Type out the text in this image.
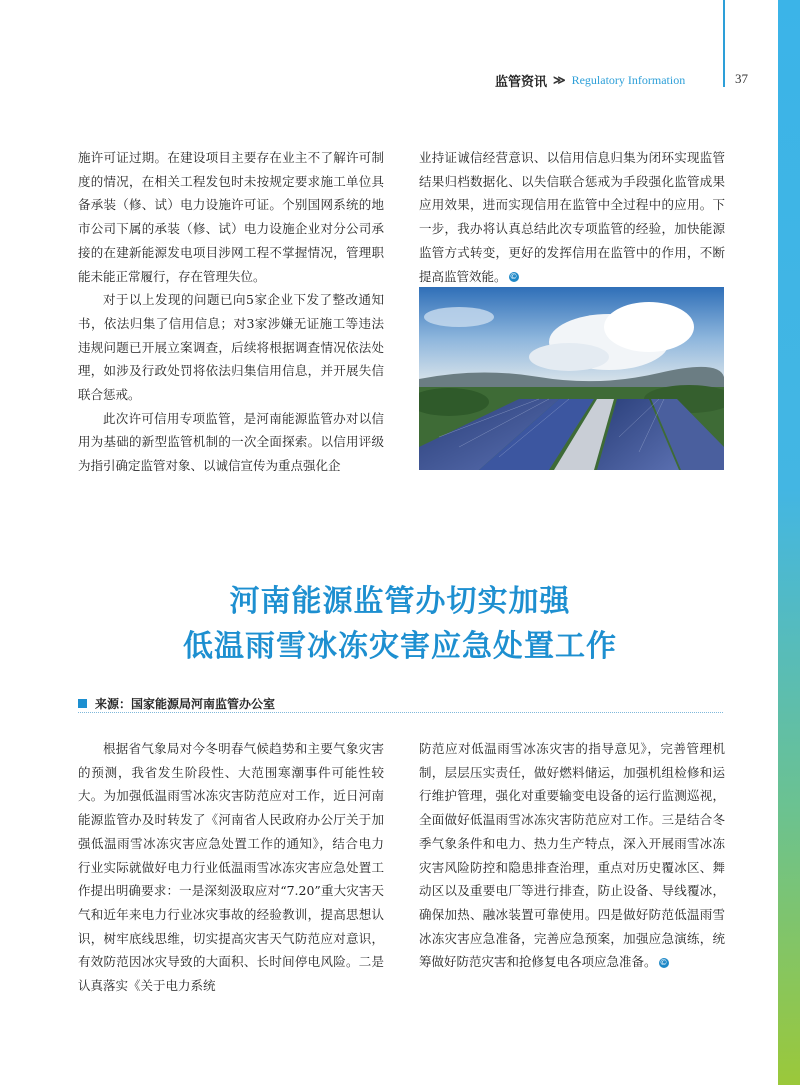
监管资讯 ≫ Regulatory Information	37

施许可证过期。在建设项目主要存在业主不了解许可制度的情况，在相关工程发包时未按规定要求施工单位具备承装（修、试）电力设施许可证。个别国网系统的地市公司下属的承装（修、试）电力设施企业对分公司承接的在建新能源发电项目涉网工程不掌握情况，管理职能未能正常履行，存在管理失位。

对于以上发现的问题已向5家企业下发了整改通知书，依法归集了信用信息；对3家涉嫌无证施工等违法违规问题已开展立案调查，后续将根据调查情况依法处理，如涉及行政处罚将依法归集信用信息，并开展失信联合惩戒。

此次许可信用专项监管，是河南能源监管办对以信用为基础的新型监管机制的一次全面探索。以信用评级为指引确定监管对象、以诚信宣传为重点强化企

业持证诚信经营意识、以信用信息归集为闭环实现监管结果归档数据化、以失信联合惩戒为手段强化监管成果应用效果，进而实现信用在监管中全过程中的应用。下一步，我办将认真总结此次专项监管的经验，加快能源监管方式转变，更好的发挥信用在监管中的作用，不断提高监管效能。 ©

河南能源监管办切实加强
低温雨雪冰冻灾害应急处置工作
来源：国家能源局河南监管办公室

根据省气象局对今冬明春气候趋势和主要气象灾害的预测，我省发生阶段性、大范围寒潮事件可能性较大。为加强低温雨雪冰冻灾害防范应对工作，近日河南能源监管办及时转发了《河南省人民政府办公厅关于加强低温雨雪冰冻灾害应急处置工作的通知》，结合电力行业实际就做好电力行业低温雨雪冰冻灾害应急处置工作提出明确要求：一是深刻汲取应对“7.20”重大灾害天气和近年来电力行业冰灾事故的经验教训，提高思想认识，树牢底线思维，切实提高灾害天气防范应对意识，有效防范因冰灾导致的大面积、长时间停电风险。二是认真落实《关于电力系统

防范应对低温雨雪冰冻灾害的指导意见》，完善管理机制，层层压实责任，做好燃料储运，加强机组检修和运行维护管理，强化对重要输变电设备的运行监测巡视，全面做好低温雨雪冰冻灾害防范应对工作。三是结合冬季气象条件和电力、热力生产特点，深入开展雨雪冰冻灾害风险防控和隐患排查治理，重点对历史覆冰区、舞动区以及重要电厂等进行排查，防止设备、导线覆冰，确保加热、融冰装置可靠使用。四是做好防范低温雨雪冰冻灾害应急准备，完善应急预案，加强应急演练，统筹做好防范灾害和抢修复电各项应急准备。 ©
